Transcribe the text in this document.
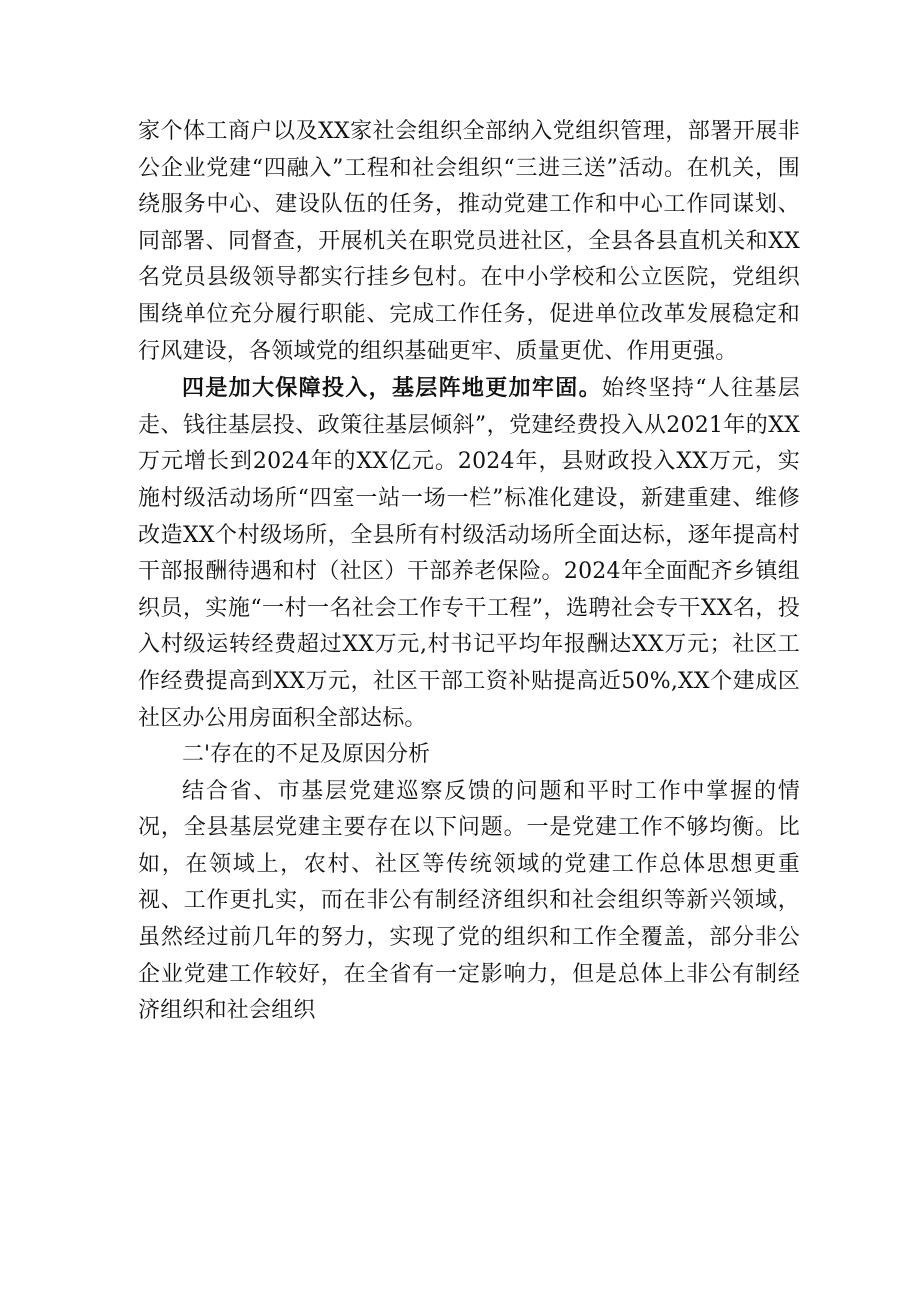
家个体工商户以及XX家社会组织全部纳入党组织管理，部署开展非公企业党建“四融入”工程和社会组织“三进三送”活动。在机关，围绕服务中心、建设队伍的任务，推动党建工作和中心工作同谋划、同部署、同督查，开展机关在职党员进社区，全县各县直机关和XX名党员县级领导都实行挂乡包村。在中小学校和公立医院，党组织围绕单位充分履行职能、完成工作任务，促进单位改革发展稳定和行风建设，各领域党的组织基础更牢、质量更优、作用更强。

四是加大保障投入，基层阵地更加牢固。始终坚持“人往基层走、钱往基层投、政策往基层倾斜”，党建经费投入从2021年的XX万元增长到2024年的XX亿元。2024年，县财政投入XX万元，实施村级活动场所“四室一站一场一栏”标准化建设，新建重建、维修改造XX个村级场所，全县所有村级活动场所全面达标，逐年提高村干部报酬待遇和村（社区）干部养老保险。2024年全面配齐乡镇组织员，实施“一村一名社会工作专干工程”，选聘社会专干XX名，投入村级运转经费超过XX万元,村书记平均年报酬达XX万元；社区工作经费提高到XX万元，社区干部工资补贴提高近50%,XX个建成区社区办公用房面积全部达标。

二'存在的不足及原因分析

结合省、市基层党建巡察反馈的问题和平时工作中掌握的情况，全县基层党建主要存在以下问题。一是党建工作不够均衡。比如，在领域上，农村、社区等传统领域的党建工作总体思想更重视、工作更扎实，而在非公有制经济组织和社会组织等新兴领域，虽然经过前几年的努力，实现了党的组织和工作全覆盖，部分非公企业党建工作较好，在全省有一定影响力，但是总体上非公有制经济组织和社会组织
